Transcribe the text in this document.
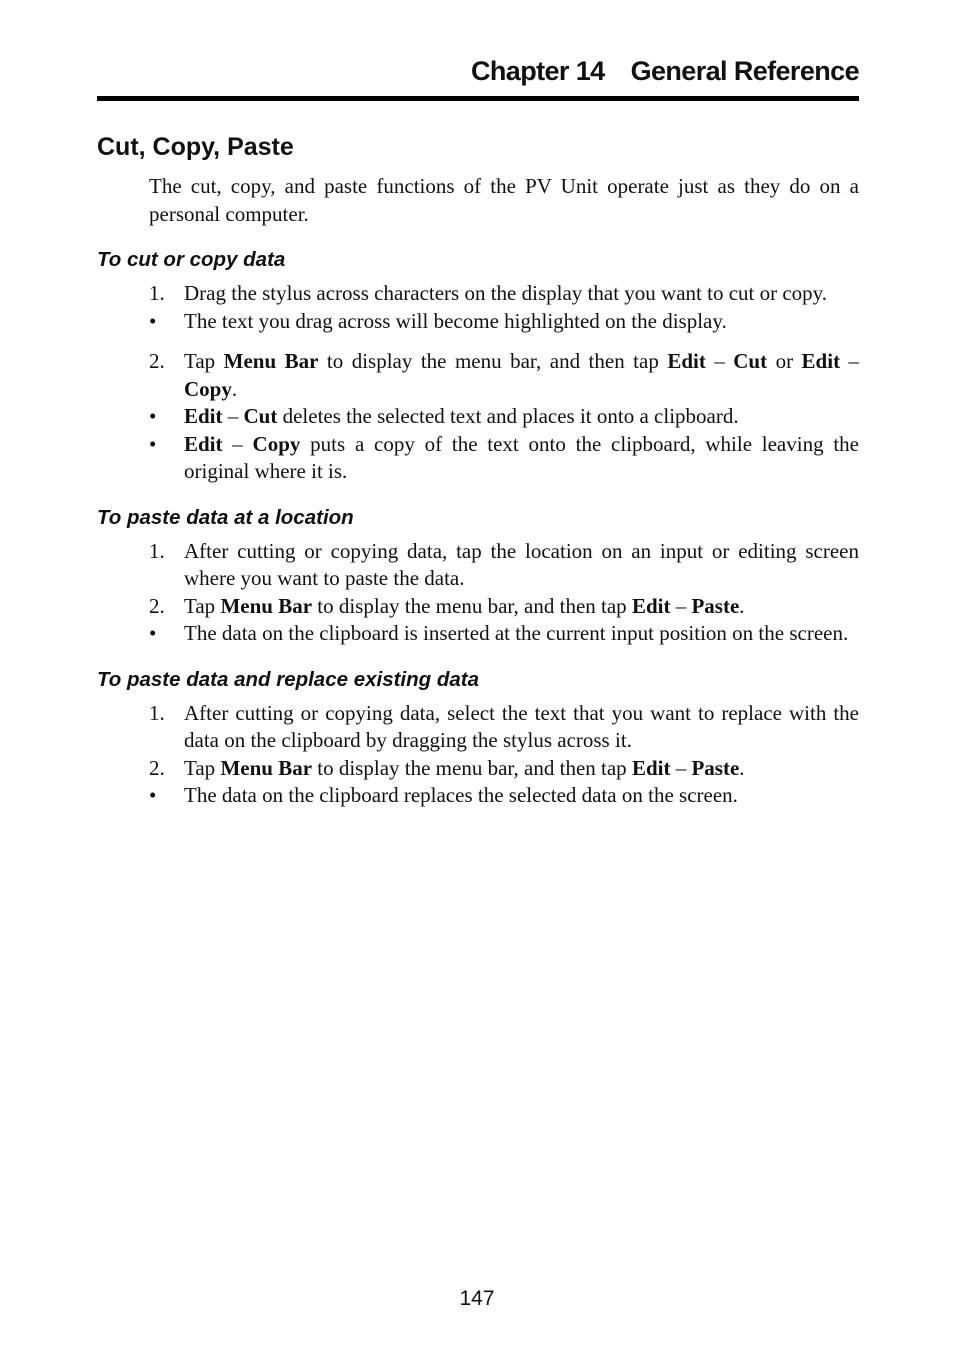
Chapter 14 General Reference
Cut, Copy, Paste

The cut, copy, and paste functions of the PV Unit operate just as they do on a personal computer.

To cut or copy data
1. Drag the stylus across characters on the display that you want to cut or copy.
•	The text you drag across will become highlighted on the display.
2. Tap Menu Bar to display the menu bar, and then tap Edit – Cut or Edit – Copy.
•	Edit – Cut deletes the selected text and places it onto a clipboard.
•	Edit – Copy puts a copy of the text onto the clipboard, while leaving the original where it is.
To paste data at a location
1. After cutting or copying data, tap the location on an input or editing screen where you want to paste the data.
2. Tap Menu Bar to display the menu bar, and then tap Edit – Paste.
•	The data on the clipboard is inserted at the current input position on the screen.
To paste data and replace existing data
1. After cutting or copying data, select the text that you want to replace with the data on the clipboard by dragging the stylus across it.
2. Tap Menu Bar to display the menu bar, and then tap Edit – Paste.
•	The data on the clipboard replaces the selected data on the screen.
147
